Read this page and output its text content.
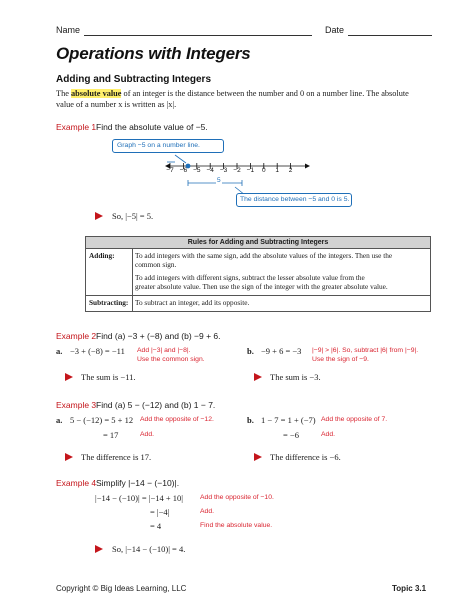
Name	Date
Operations with Integers
Adding and Subtracting Integers
The absolute value of an integer is the distance between the number and 0 on a number line. The absolute
value of a number x is written as |x|.
Example 1 Find the absolute value of −5.
Graph −5 on a number line.
−7 −6 −5 −4 −3 −2 −1	0	1	2
5
The distance between −5 and 0 is 5.
So, |−5| = 5.
Rules for Adding and Subtracting Integers
Adding:	To add integers with the same sign, add the absolute values of the integers. Then use the
common sign.
To add integers with different signs, subtract the lesser absolute value from the
greater absolute value. Then use the sign of the integer with the greater absolute value.
Subtracting: To subtract an integer, add its opposite.
Example 2 Find (a) −3 + (−8) and (b) −9 + 6.
a. −3 + (−8) = −11 Add |−3| and |−8|.
Use the common sign.
The sum is −11.
b. −9 + 6 = −3 |−9| > |6|. So, subtract |6| from |−9|.
Use the sign of −9.
The sum is −3.
Example 3 Find (a) 5 − (−12) and (b) 1 − 7.
a. 5 − (−12) = 5 + 12 Add the opposite of −12.
= 17	Add.
The difference is 17.
b. 1 − 7 = 1 + (−7) Add the opposite of 7.
= −6	Add.
The difference is −6.
Example 4 Simplify |−14 − (−10)|.
|−14 − (−10)| = |−14 + 10|	Add the opposite of −10.
= |−4|	Add.
= 4	Find the absolute value.
So, |−14 − (−10)| = 4.
Copyright © Big Ideas Learning, LLC	Topic 3.1
